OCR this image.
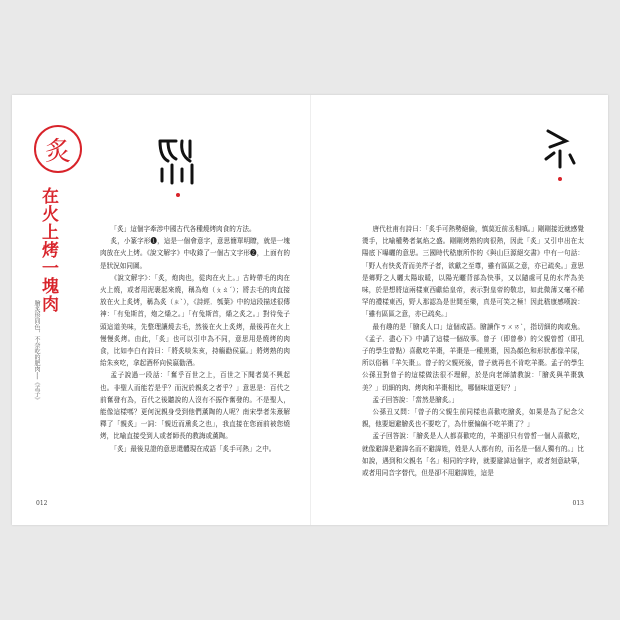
炙
在火上烤一塊肉
膾炙形同色，不奈吃的肥肉──《孟子》

「炙」這個字牽涉中國古代各種燒烤肉食的方法。

炙，小篆字形❶，這是一個會意字，意思簡單明瞭，就是一塊肉放在火上烤。《說文解字》中收錄了一個古文字形❷，上面有的是狀況如同圖。

《說文解字》：「炙，炮肉也，從肉在火上。」古時帶毛的肉在火上燒，或者用泥裹起來燒，稱為炮（ㄆㄠˊ）；將去毛的肉直接放在火上炙烤，稱為炙（ㄓˋ），《詩經．瓠葉》中的這段描述很傳神：「有兔斯首，炮之燔之。」「有兔斯首，燔之炙之。」對待兔子頭這道美味，先整理讓燒去毛，然後在火上炙烤，最後再在火上慢慢炙烤。由此，「炙」也可以引申為不同，意思用是燒烤的肉食，比如李白有詩曰：「將炙啖朱亥，持觴勸侯嬴。」將烤熟的肉給朱亥吃，拿起酒杯向侯嬴勸酒。

孟子說過一段話：「奮乎百世之上，百世之下聞者莫不興起也。非聖人而能若是乎？而況於親炙之者乎？」意思是：百代之前奮發有為，百代之後聽說的人沒有不振作奮發的。不是聖人，能像這樣嗎？更何況親身受到他們薰陶的人呢？南宋學者朱熹解釋了「親炙」一詞：「親近而熏炙之也」，我直接在您面前被您燒烤，比喻直接受到人或者師長的教誨或薰陶。

「炙」最後見證的意思還體現在成語「炙手可熱」之中。

012

唐代杜甫有詩曰：「炙手可熱勢絕倫，慎莫近前丞相嗔。」剛剛接近就感覺燙手，比喻權勢者氣焰之盛。剛剛烤熟的肉很熱，因此「炙」又引申出在太陽底下曝曬的意思。三國時代嵇康所作的《與山巨源絕交書》中有一句話：「野人有快炙背而美芹子者，欲獻之至尊，雖有區區之意，亦已疏矣。」意思是鄉野之人曬太陽取暖，以陽光曬背部為快事，又以隨處可見的水芹為美味，於是想將這兩樣東西獻給皇帝，表示對皇帝的敬忠，如此微薄又毫不稀罕的禮樣東西，野人那認為是世間至樂，真是可笑之極！因此嵇康感嘆說：「雖有區區之意，亦已疏矣。」

最有趣的是「膾炙人口」這個成語。膾讀作ㄎㄨㄞˋ，指切細的肉或魚。《孟子．盡心下》中講了這樣一個故事。曾子（即曾參）的父親曾皙（即孔子的學生曾點）喜歡吃羊棗，羊棗是一種黑棗，因為顏色和形狀都像羊屎，所以俗稱「羊矢棗」。曾子的父親死後，曾子就再也不肯吃羊棗。孟子的學生公孫丑對曾子的這樣做法很不理解，於是向老師請教說：「膾炙與羊棗孰美？」切細的肉、烤肉和羊棗相比，哪個味道更好？」

孟子回答說：「當然是膾炙。」

公孫丑又問：「曾子的父親生前同樣也喜歡吃膾炙，如果是為了紀念父親，他要迴避膾炙也不要吃了，為什麼偏偏不吃羊棗了？」

孟子回答說：「膾炙是人人都喜歡吃的，羊棗卻只有曾皙一個人喜歡吃，就像避諱是避諱名而不避諱姓，姓是人人都有的，而名是一個人獨有的。」比如說，遇到和父親名「名」相同的字時，就要避諱這個字，或者刻意缺筆，或者用同音字替代，但是卻不用避諱姓，這是

013
